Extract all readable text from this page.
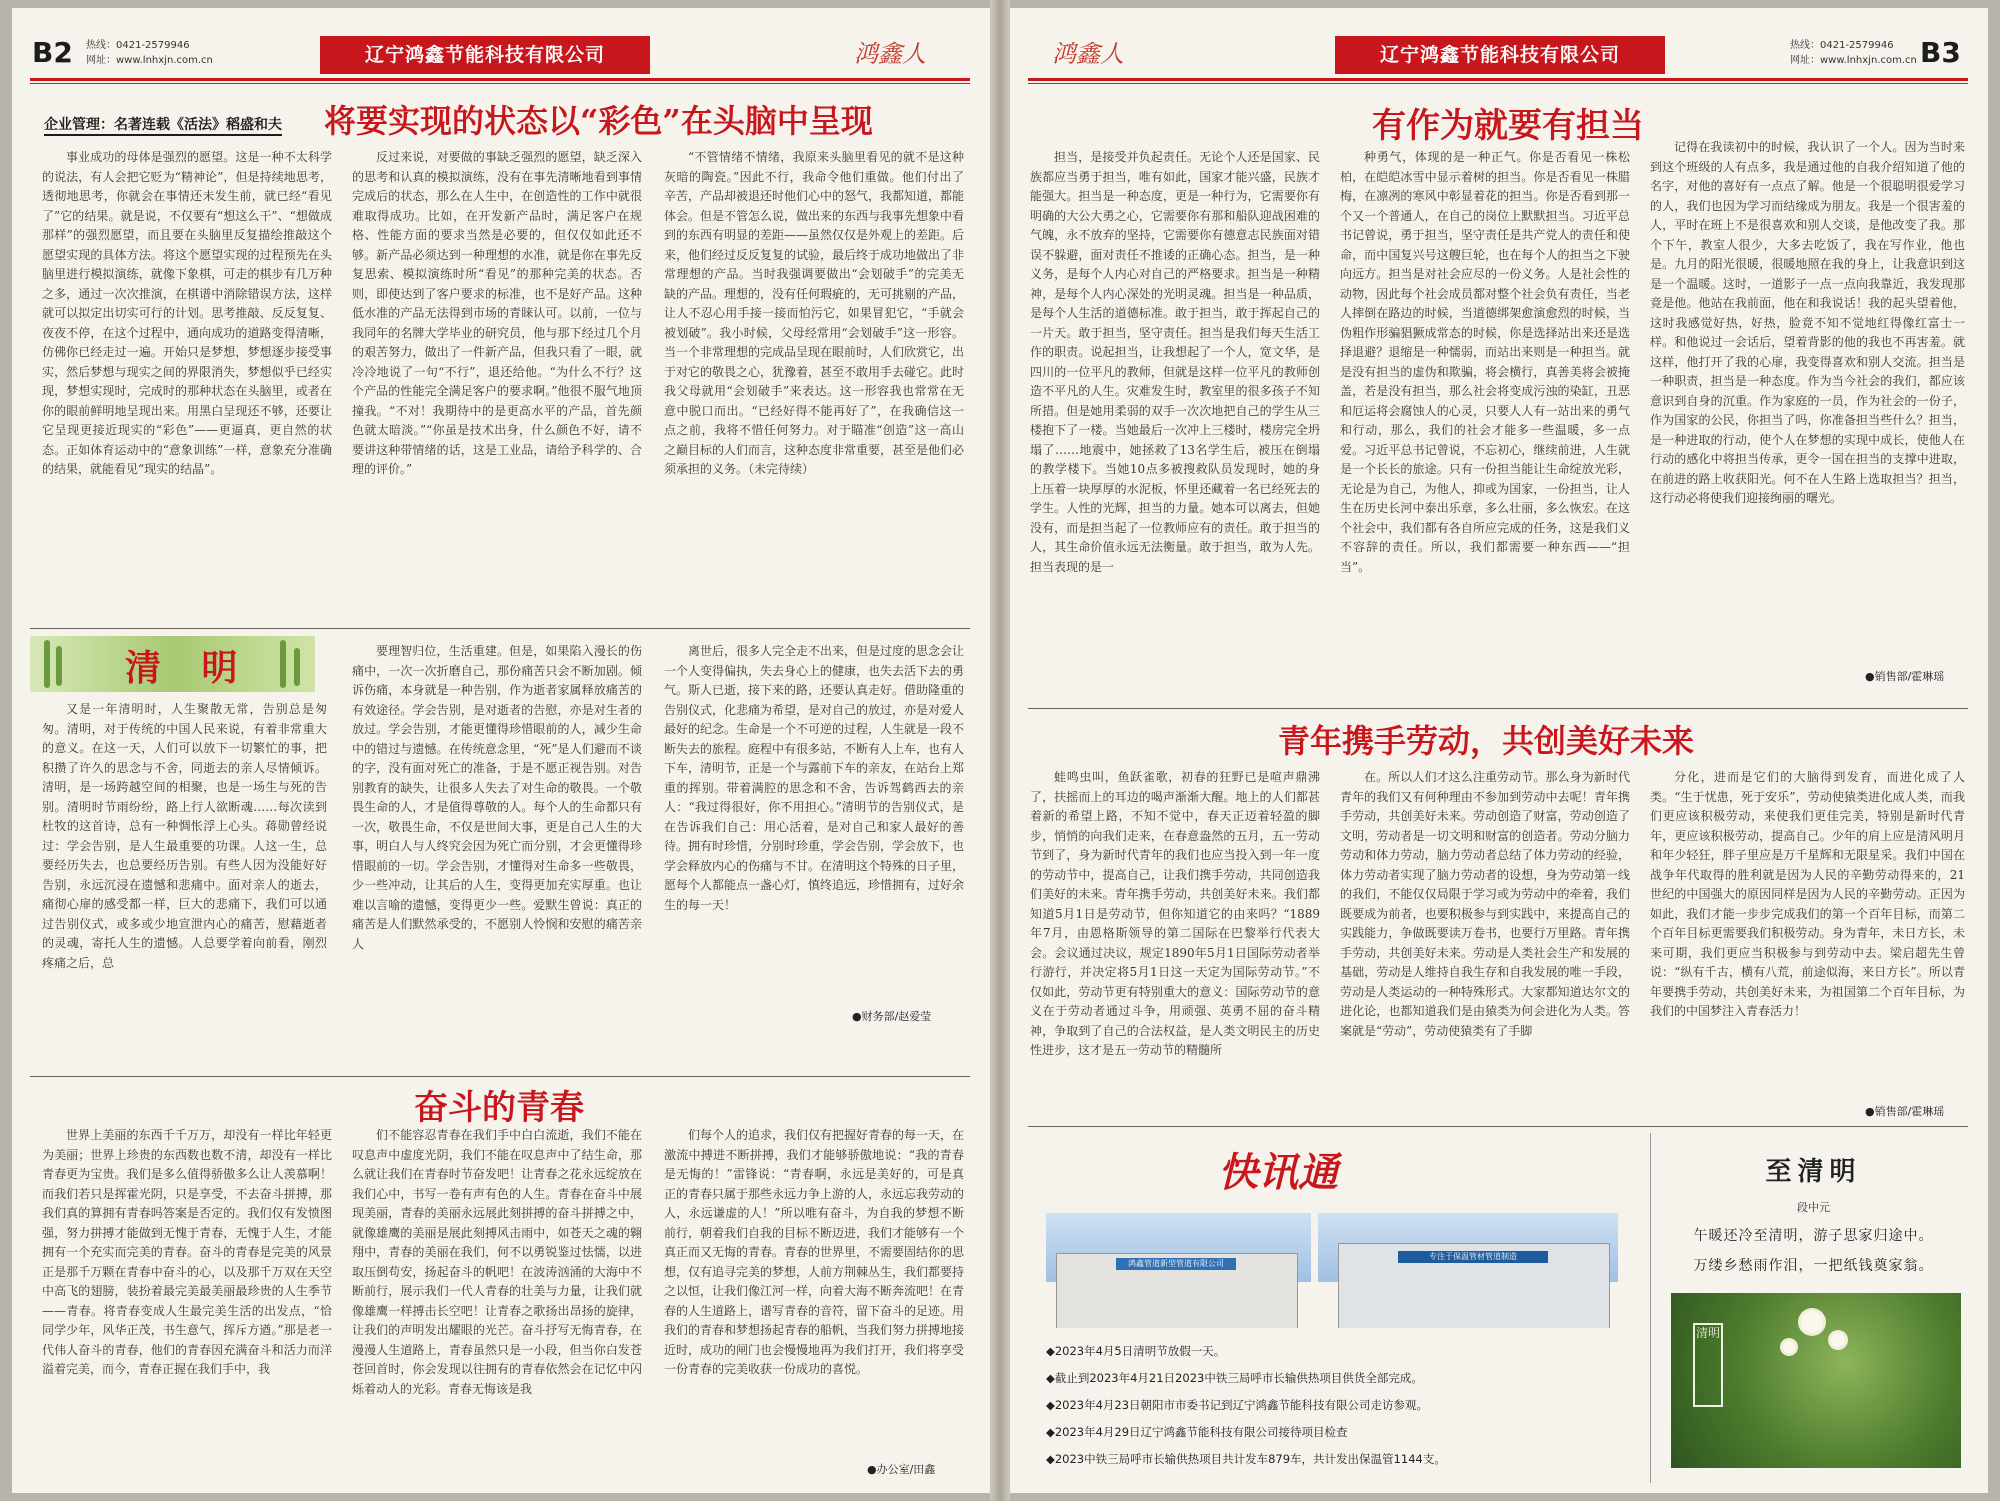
B2 热线：0421-2579946
网址：www.lnhxjn.com.cn	辽宁鸿鑫节能科技有限公司	鸿鑫人
企业管理：名著连载《活法》稻盛和夫 将要实现的状态以“彩色”在头脑中呈现
事业成功的母体是强烈的愿望。这是一种不太科学的说法，有人会把它贬为“精神论”，但是持续地思考，透彻地思考，你就会在事情还未发生前，就已经“看见了”它的结果。就是说，不仅要有“想这么干”、“想做成那样”的强烈愿望，而且要在头脑里反复描绘推敲这个愿望实现的具体方法。将这个愿望实现的过程预先在头脑里进行模拟演练，就像下象棋，可走的棋步有几万种之多，通过一次次推演，在棋谱中消除错误方法，这样就可以拟定出切实可行的计划。思考推敲、反反复复、夜夜不停，在这个过程中，通向成功的道路变得清晰，仿佛你已经走过一遍。开始只是梦想，梦想逐步接受事实，然后梦想与现实之间的界限消失，梦想似乎已经实现，梦想实现时，完成时的那种状态在头脑里，或者在你的眼前鲜明地呈现出来。用黑白呈现还不够，还要让它呈现更接近现实的“彩色”——更逼真，更自然的状态。正如体育运动中的“意象训练”一样，意象充分准确的结果，就能看见“现实的结晶”。
反过来说，对要做的事缺乏强烈的愿望，缺乏深入的思考和认真的模拟演练，没有在事先清晰地看到事情完成后的状态，那么在人生中，在创造性的工作中就很难取得成功。比如，在开发新产品时，满足客户在规格、性能方面的要求当然是必要的，但仅仅如此还不够。新产品必须达到一种理想的水准，就是你在事先反复思索、模拟演练时所“看见”的那种完美的状态。否则，即使达到了客户要求的标准，也不是好产品。这种低水准的产品无法得到市场的青睐认可。以前，一位与我同年的名牌大学毕业的研究员，他与那下经过几个月的艰苦努力，做出了一件新产品，但我只看了一眼，就冷冷地说了一句“不行”，退还给他。“为什么不行？这个产品的性能完全满足客户的要求啊。”他很不服气地顶撞我。“不对！我期待中的是更高水平的产品，首先颜色就太暗淡。”“你虽是技术出身，什么颜色不好，请不要讲这种带情绪的话，这是工业品，请给予科学的、合理的评价。”
“不管情绪不情绪，我原来头脑里看见的就不是这种灰暗的陶瓷。”因此不行，我命令他们重做。他们付出了辛苦，产品却被退还时他们心中的怒气，我都知道，都能体会。但是不管怎么说，做出来的东西与我事先想象中看到的东西有明显的差距——虽然仅仅是外观上的差距。后来，他们经过反反复复的试验，最后终于成功地做出了非常理想的产品。当时我强调要做出“会划破手”的完美无缺的产品。理想的，没有任何瑕疵的，无可挑剔的产品，让人不忍心用手接一接而怕污它，如果冒犯它，“手就会被划破”。我小时候，父母经常用“会划破手”这一形容。当一个非常理想的完成品呈现在眼前时，人们欣赏它，出于对它的敬畏之心，犹豫着，甚至不敢用手去碰它。此时我父母就用“会划破手”来表达。这一形容我也常常在无意中脱口而出。“已经好得不能再好了”，在我确信这一点之前，我将不惜任何努力。对于瞄准“创造”这一高山之巅目标的人们而言，这种态度非常重要，甚至是他们必须承担的义务。（未完待续）
清 明
又是一年清明时，人生聚散无常，告别总是匆匆。清明，对于传统的中国人民来说，有着非常重大的意义。在这一天，人们可以放下一切繁忙的事，把积攒了许久的思念与不舍，同逝去的亲人尽情倾诉。清明，是一场跨越空间的相聚，也是一场生与死的告别。清明时节雨纷纷，路上行人欲断魂……每次读到杜牧的这首诗，总有一种惆怅浮上心头。蒋勋曾经说过：学会告别，是人生最重要的功课。人这一生，总要经历失去，也总要经历告别。有些人因为没能好好告别，永远沉浸在遗憾和悲痛中。面对亲人的逝去，痛彻心扉的感受都一样，巨大的悲痛下，我们可以通过告别仪式，或多或少地宣泄内心的痛苦，慰藉逝者的灵魂，寄托人生的遗憾。人总要学着向前看，刚烈疼痛之后，总
要理智归位，生活重建。但是，如果陷入漫长的伤痛中，一次一次折磨自己，那份痛苦只会不断加剧。倾诉伤痛，本身就是一种告别，作为逝者家属释放痛苦的有效途径。学会告别，是对逝者的告慰，亦是对生者的放过。学会告别，才能更懂得珍惜眼前的人，减少生命中的错过与遗憾。在传统意念里，“死”是人们避而不谈的字，没有面对死亡的准备，于是不愿正视告别。对告别教育的缺失，让很多人失去了对生命的敬畏。一个敬畏生命的人，才是值得尊敬的人。每个人的生命都只有一次，敬畏生命，不仅是世间大事，更是自己人生的大事，明白人与人终究会因为死亡而分别，才会更懂得珍惜眼前的一切。学会告别，才懂得对生命多一些敬畏，少一些冲动，让其后的人生，变得更加充实厚重。也让难以言喻的遗憾，变得更少一些。爱默生曾说：真正的痛苦是人们默然承受的，不愿别人怜悯和安慰的痛苦亲人
离世后，很多人完全走不出来，但是过度的思念会让一个人变得偏执，失去身心上的健康，也失去活下去的勇气。斯人已逝，接下来的路，还要认真走好。借助隆重的告别仪式，化悲痛为希望，是对自己的放过，亦是对爱人最好的纪念。生命是一个不可逆的过程，人生就是一段不断失去的旅程。庭程中有很多站，不断有人上车，也有人下车，清明节，正是一个与露前下车的亲友，在站台上郑重的挥别。带着满腔的思念和不舍，告诉驾鹤西去的亲人：“我过得很好，你不用担心。”清明节的告别仪式，是在告诉我们自己：用心活着，是对自己和家人最好的善待。拥有时珍惜，分别时珍重，学会告别，学会放下，也学会释放内心的伤痛与不甘。在清明这个特殊的日子里，愿每个人都能点一盏心灯，慎终追远，珍惜拥有，过好余生的每一天！
●财务部/赵爱莹
奋斗的青春
世界上美丽的东西千千万万，却没有一样比年轻更为美丽；世界上珍贵的东西数也数不清，却没有一样比青春更为宝贵。我们是多么值得骄傲多么让人羡慕啊！而我们若只是挥霍光阴，只是享受，不去奋斗拼搏，那我们真的算拥有青春吗答案是否定的。我们仅有发愤图强，努力拼搏才能做到无愧于青春，无愧于人生，才能拥有一个充实而完美的青春。奋斗的青春是完美的风景正是那千万颗在青春中奋斗的心，以及那千万双在天空中高飞的翅膀，装扮着最完美最美丽最珍贵的人生季节——青春。将青春变成人生最完美生活的出发点，“恰同学少年，风华正茂，书生意气，挥斥方遒。”那是老一代伟人奋斗的青春，他们的青春因充满奋斗和活力而洋溢着完美，而今，青春正握在我们手中，我
们不能容忍青春在我们手中白白流逝，我们不能在叹息声中虚度光阴，我们不能在叹息声中了结生命，那么就让我们在青春时节奋发吧！让青春之花永远绽放在我们心中，书写一卷有声有色的人生。青春在奋斗中展现美丽，青春的美丽永远展此刻拼搏的奋斗拼搏之中，就像雄鹰的美丽是展此刻搏风击雨中，如苍天之魂的翱翔中，青春的美丽在我们，何不以勇锐鉴过怯懦，以进取压倒苟安，扬起奋斗的帆吧！在波涛汹涌的大海中不断前行，展示我们一代人青春的壮美与力量，让我们就像雄鹰一样搏击长空吧！让青春之歌扬出昂扬的旋律，让我们的声明发出耀眼的光芒。奋斗抒写无悔青春，在漫漫人生道路上，青春虽然只是一小段，但当你白发苍苍回首时，你会发现以往拥有的青春依然会在记忆中闪烁着动人的光彩。青春无悔该是我
们每个人的追求，我们仅有把握好青春的每一天，在激流中搏进不断拼搏，我们才能够骄傲地说：“我的青春是无悔的！”雷锋说：“青春啊，永远是美好的，可是真正的青春只属于那些永远力争上游的人，永远忘我劳动的人，永远谦虚的人！”所以唯有奋斗，为自我的梦想不断前行，朝着我们自我的目标不断迈进，我们才能够有一个真正而又无悔的青春。青春的世界里，不需要固结你的思想，仅有追寻完美的梦想，人前方荆棘丛生，我们都要持之以恒，让我们像江河一样，向着大海不断奔流吧！在青春的人生道路上，谱写青春的音符，留下奋斗的足迹。用我们的青春和梦想扬起青春的船帆，当我们努力拼搏地接近时，成功的闸门也会慢慢地再为我们打开，我们将享受一份青春的完美收获一份成功的喜悦。
●办公室/田鑫
鸿鑫人	辽宁鸿鑫节能科技有限公司	热线：0421-2579946
网址：www.lnhxjn.com.cn B3
有作为就要有担当
担当，是接受并负起责任。无论个人还是国家、民族都应当勇于担当，唯有如此，国家才能兴盛，民族才能强大。担当是一种态度，更是一种行为，它需要你有明确的大公大勇之心，它需要你有那和船队迎战困难的气魄，永不放弃的坚持，它需要你有德意志民族面对错误不躲避，面对责任不推诿的正确心态。担当，是一种义务，是每个人内心对自己的严格要求。担当是一种精神，是每个人内心深处的光明灵魂。担当是一种品质，是每个人生活的道德标准。敢于担当，敢于挥起自己的一片天。敢于担当，坚守责任。担当是我们每天生活工作的职责。说起担当，让我想起了一个人，宽文华，是四川的一位平凡的教师，但就是这样一位平凡的教师创造不平凡的人生。灾难发生时，教室里的很多孩子不知所措。但是她用柔弱的双手一次次地把自己的学生从三楼抱下了一楼。当她最后一次冲上三楼时，楼房完全坍塌了……地震中，她拯救了13名学生后，被压在倒塌的教学楼下。当她10点多被搜救队员发现时，她的身上压着一块厚厚的水泥板，怀里还藏着一名已经死去的学生。人性的光辉，担当的力量。她本可以离去，但她没有，而是担当起了一位教师应有的责任。敢于担当的人，其生命价值永远无法衡量。敢于担当，敢为人先。担当表现的是一
种勇气，体现的是一种正气。你是否看见一株松柏，在皑皑冰雪中显示着树的担当。你是否看见一株腊梅，在凛冽的寒风中彰显着花的担当。你是否看到那一个又一个普通人，在自己的岗位上默默担当。习近平总书记曾说，勇于担当，坚守责任是共产党人的责任和使命，而中国复兴号这艘巨轮，也在每个人的担当之下驶向远方。担当是对社会应尽的一份义务。人是社会性的动物，因此每个社会成员都对整个社会负有责任，当老人摔倒在路边的时候，当道德绑架愈演愈烈的时候，当伪粗作形骗猖獗成常态的时候，你是选择站出来还是选择退避？退缩是一种懦弱，而站出来则是一种担当。就是没有担当的虚伪和欺骗，将会横行，真善美将会被掩盖，若是没有担当，那么社会将变成污浊的染缸，丑恶和厄运将会腐蚀人的心灵，只要人人有一站出来的勇气和行动，那么，我们的社会才能多一些温暖，多一点爱。习近平总书记曾说，不忘初心，继续前进，人生就是一个长长的旅途。只有一份担当能让生命绽放光彩，无论是为自己，为他人，抑或为国家，一份担当，让人生在历史长河中泰出乐章，多么壮丽，多么恢宏。在这个社会中，我们都有各自所应完成的任务，这是我们义不容辞的责任。所以，我们都需要一种东西——“担当”。
记得在我读初中的时候，我认识了一个人。因为当时来到这个班级的人有点多，我是通过他的自我介绍知道了他的名字，对他的喜好有一点点了解。他是一个很聪明很爱学习的人，我们也因为学习而结缘成为朋友。我是一个很害羞的人，平时在班上不是很喜欢和别人交谈，是他改变了我。那个下午，教室人很少，大多去吃饭了，我在写作业，他也是。九月的阳光很暖，很暖地照在我的身上，让我意识到这是一个温暖。这时，一道影子一点一点向我靠近，我发现那竟是他。他站在我前面，他在和我说话！我的起头望着他，这时我感觉好热，好热，脸竟不知不觉地红得像红富士一样。和他说过一会话后，望着背影的他的我也不再害羞。就这样，他打开了我的心扉，我变得喜欢和别人交流。担当是一种职责，担当是一种态度。作为当今社会的我们，都应该意识到自身的沉重。作为家庭的一员，作为社会的一份子，作为国家的公民，你担当了吗，你准备担当些什么？担当，是一种进取的行动，使个人在梦想的实现中成长，使他人在行动的感化中将担当传承，更令一国在担当的支撑中进取，在前进的路上收获阳光。何不在人生路上选取担当？担当，这行动必将使我们迎接绚丽的曙光。
●销售部/霍琳瑶
青年携手劳动，共创美好未来
蛙鸣虫叫，鱼跃雀歌，初春的狂野已是喧声鼎沸了，扶摇而上的耳边的喝声渐渐大醒。地上的人们都甚着新的希望上路，不知不觉中，春天正迈着轻盈的脚步，悄悄的向我们走来，在春意盎然的五月，五一劳动节到了，身为新时代青年的我们也应当投入到一年一度的劳动节中，提高自己，让我们携手劳动，共同创造我们美好的未来。青年携手劳动，共创美好未来。我们都知道5月1日是劳动节，但你知道它的由来吗？“1889年7月，由恩格斯领导的第二国际在巴黎举行代表大会。会议通过决议，规定1890年5月1日国际劳动者举行游行，并决定将5月1日这一天定为国际劳动节。”不仅如此，劳动节更有特别重大的意义：国际劳动节的意义在于劳动者通过斗争，用顽强、英勇不屈的奋斗精神，争取到了自己的合法权益，是人类文明民主的历史性进步，这才是五一劳动节的精髓所
在。所以人们才这么注重劳动节。那么身为新时代青年的我们又有何种理由不参加到劳动中去呢！青年携手劳动，共创美好未来。劳动创造了财富，劳动创造了文明，劳动者是一切文明和财富的创造者。劳动分脑力劳动和体力劳动，脑力劳动者总结了体力劳动的经验，体力劳动者实现了脑力劳动者的设想，身为劳动第一线的我们，不能仅仅局限于学习或为劳动中的牵着，我们既要成为前者，也要积极参与到实践中，来提高自己的实践能力，争做既要读万卷书，也要行万里路。青年携手劳动，共创美好未来。劳动是人类社会生产和发展的基础，劳动是人维持自我生存和自我发展的唯一手段，劳动是人类运动的一种特殊形式。大家都知道达尔文的进化论，也都知道我们是由猿类为何会进化为人类。答案就是“劳动”，劳动使猿类有了手脚
分化，进而是它们的大脑得到发育，而进化成了人类。“生于忧患，死于安乐”，劳动使猿类进化成人类，而我们更应该积极劳动，来使我们更佳完美，特别是新时代青年，更应该积极劳动，提高自己。少年的肩上应是清风明月和年少轻狂，胖子里应是万千星辉和无限星采。我们中国在战争年代取得的胜利就是因为人民的辛勤劳动得来的，21世纪的中国强大的原因同样是因为人民的辛勤劳动。正因为如此，我们才能一步步完成我们的第一个百年目标，而第二个百年目标更需要我们积极劳动。身为青年，未日方长，未来可期，我们更应当积极参与到劳动中去。梁启超先生曾说：“纵有千古，横有八荒，前途似海，来日方长”。所以青年要携手劳动，共创美好未来，为祖国第二个百年目标，为我们的中国梦注入青春活力！
●销售部/霍琳瑶
快讯通
鸿鑫管道新型管道有限公司
专注于保温管材管道制造
◆2023年4月5日清明节放假一天。
◆截止到2023年4月21日2023中铁三局呼市长输供热项目供货全部完成。
◆2023年4月23日朝阳市市委书记到辽宁鸿鑫节能科技有限公司走访参观。
◆2023年4月29日辽宁鸿鑫节能科技有限公司接待项目检查
◆2023中铁三局呼市长输供热项目共计发车879车，共计发出保温管1144支。
至清明
段中元
午暖还冷至清明，游子思家归途中。
万缕乡愁雨作泪，一把纸钱奠家翁。
清明
